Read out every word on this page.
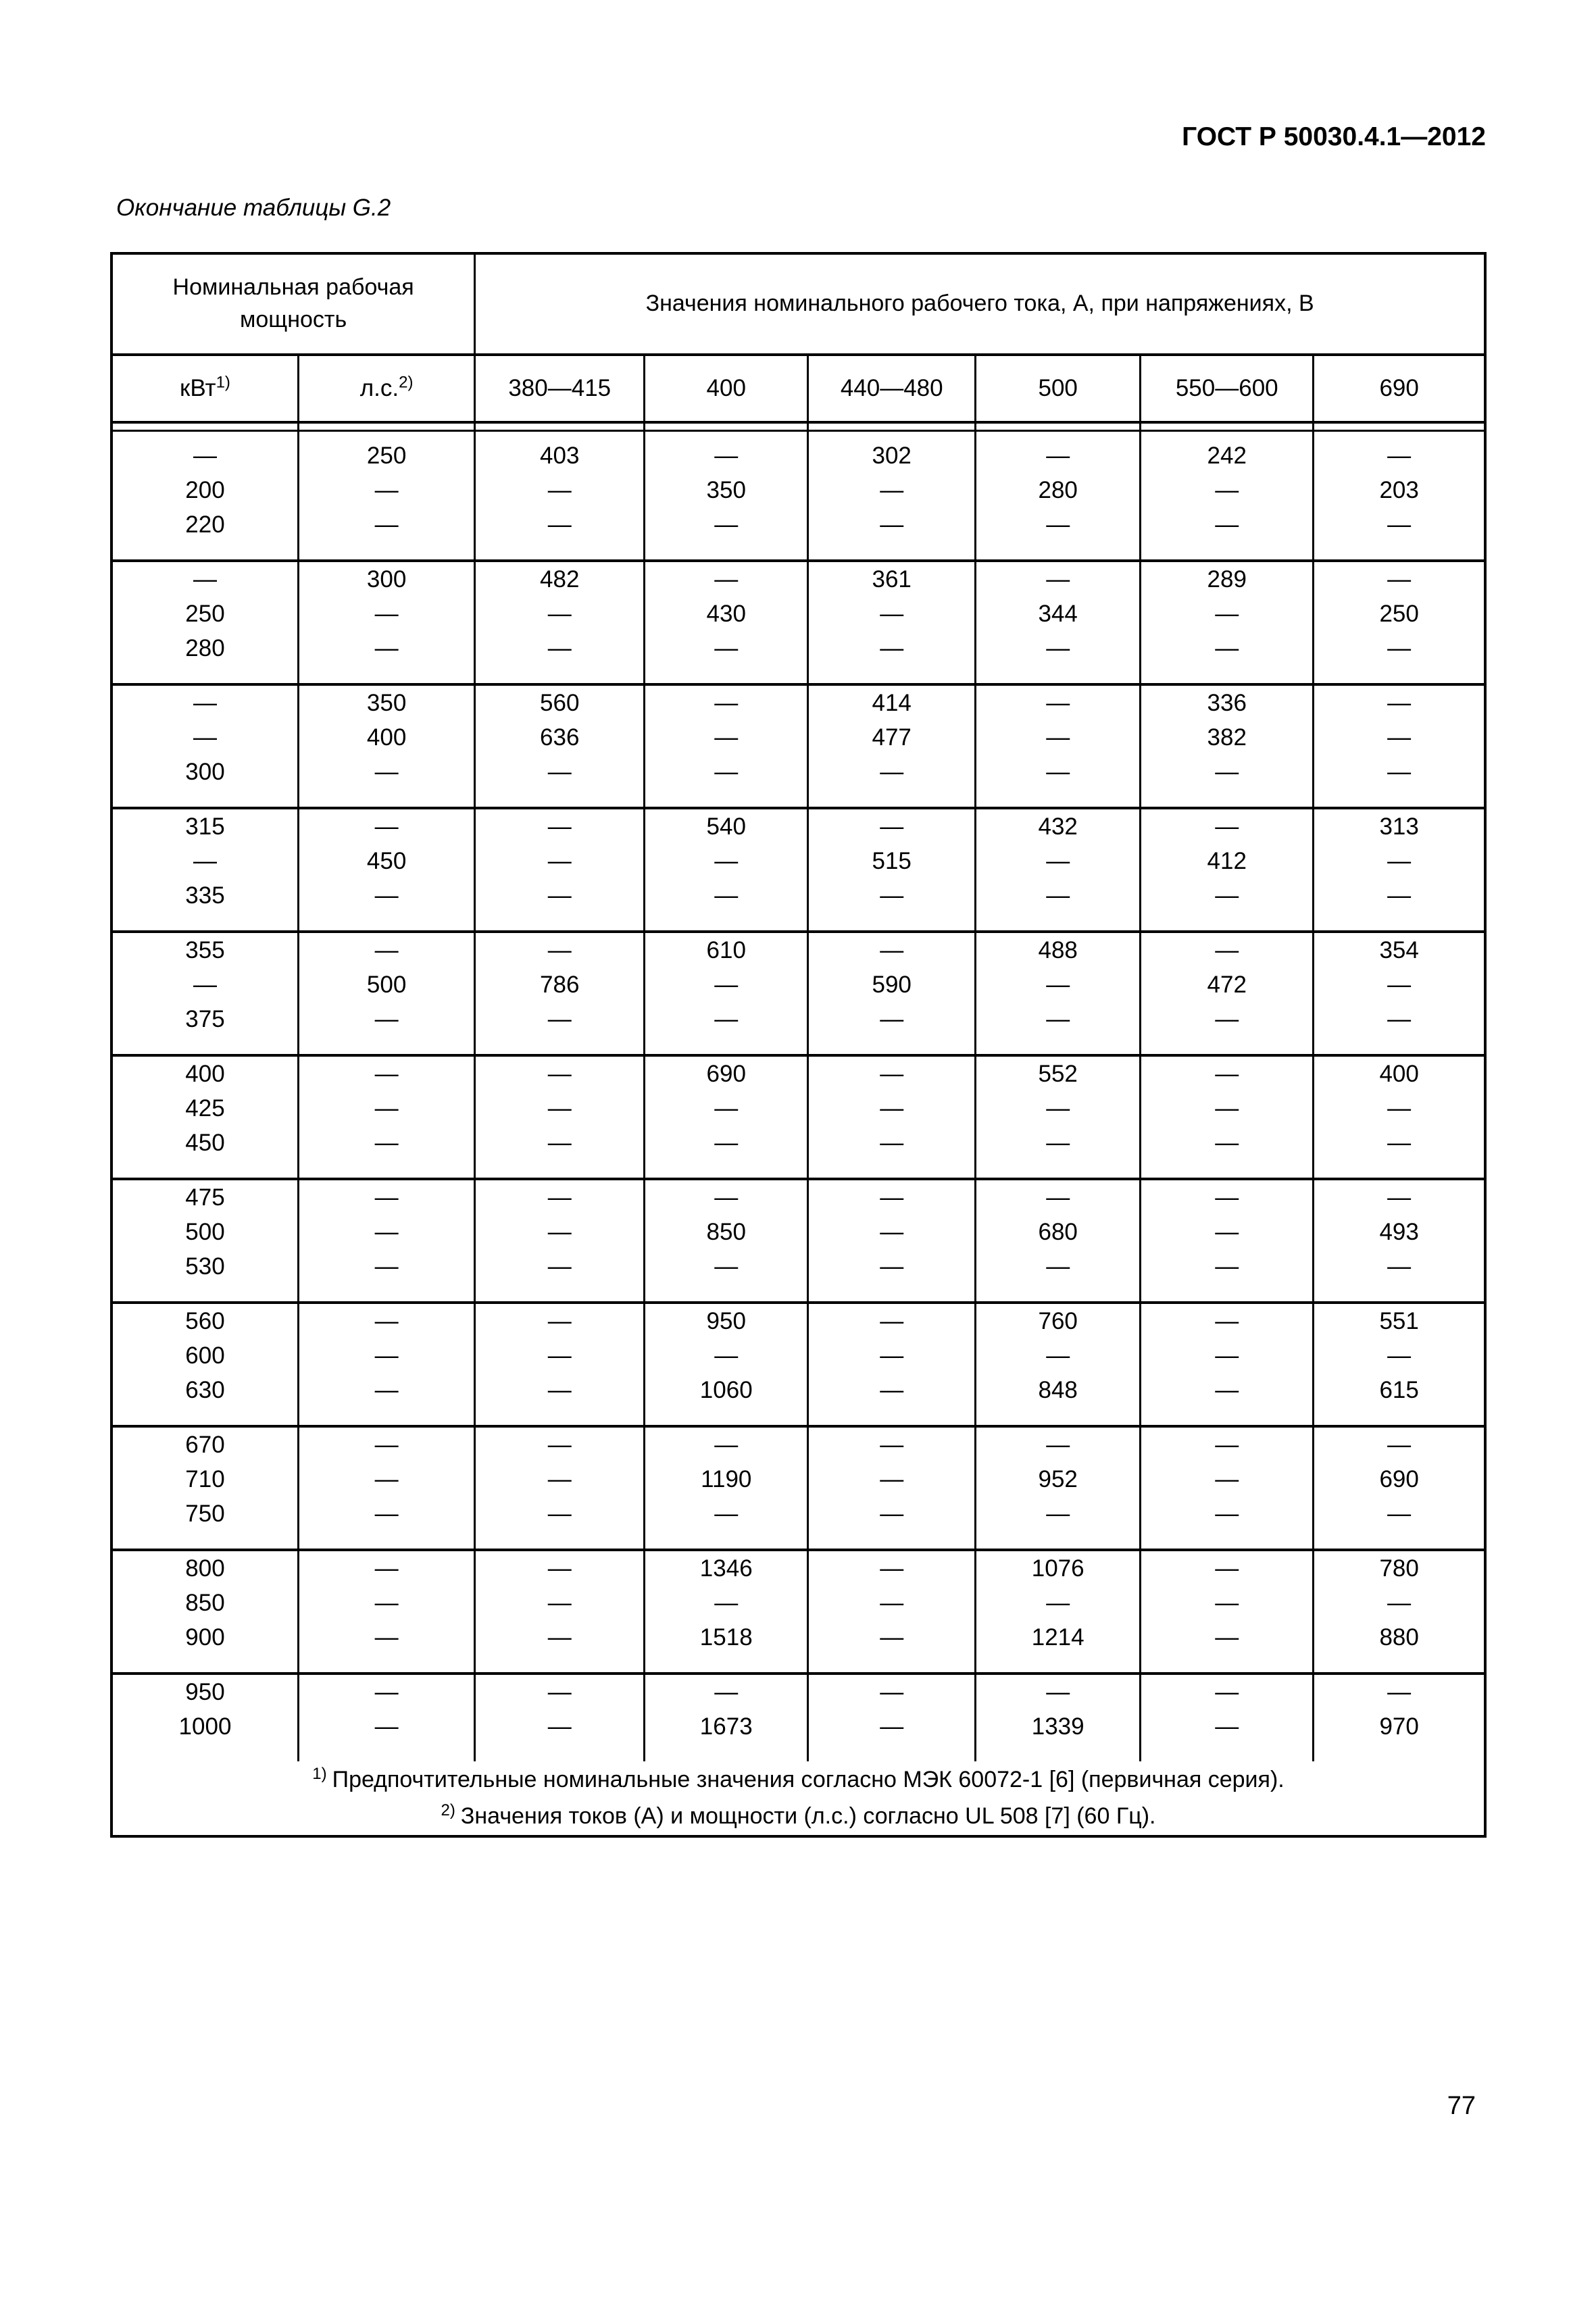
ГОСТ Р 50030.4.1—2012
Окончание таблицы G.2
Номинальная рабочая мощность		Значения номинального рабочего тока, А, при напряжениях, В					
кВт$^{1)}$	л.с.$^{2)}$	380—415	400	440—480	500	550—600	690

—	250	403	—	302	—	242	—
200	—	—	350	—	280	—	203
220	—	—	—	—	—	—	—
—	300	482	—	361	—	289	—
250	—	—	430	—	344	—	250
280	—	—	—	—	—	—	—
—	350	560	—	414	—	336	—
—	400	636	—	477	—	382	—
300	—	—	—	—	—	—	—
315	—	—	540	—	432	—	313
—	450	—	—	515	—	412	—
335	—	—	—	—	—	—	—
355	—	—	610	—	488	—	354
—	500	786	—	590	—	472	—
375	—	—	—	—	—	—	—
400	—	—	690	—	552	—	400
425	—	—	—	—	—	—	—
450	—	—	—	—	—	—	—
475	—	—	—	—	—	—	—
500	—	—	850	—	680	—	493
530	—	—	—	—	—	—	—
560	—	—	950	—	760	—	551
600	—	—	—	—	—	—	—
630	—	—	1060	—	848	—	615
670	—	—	—	—	—	—	—
710	—	—	1190	—	952	—	690
750	—	—	—	—	—	—	—
800	—	—	1346	—	1076	—	780
850	—	—	—	—	—	—	—
900	—	—	1518	—	1214	—	880
950	—	—	—	—	—	—	—
1000	—	—	1673	—	1339	—	970

$^{1)}$ Предпочтительные номинальные значения согласно МЭК 60072-1 [6] (первичная серия).
$^{2)}$ Значения токов (А) и мощности (л.с.) согласно UL 508 [7] (60 Гц).							
77
